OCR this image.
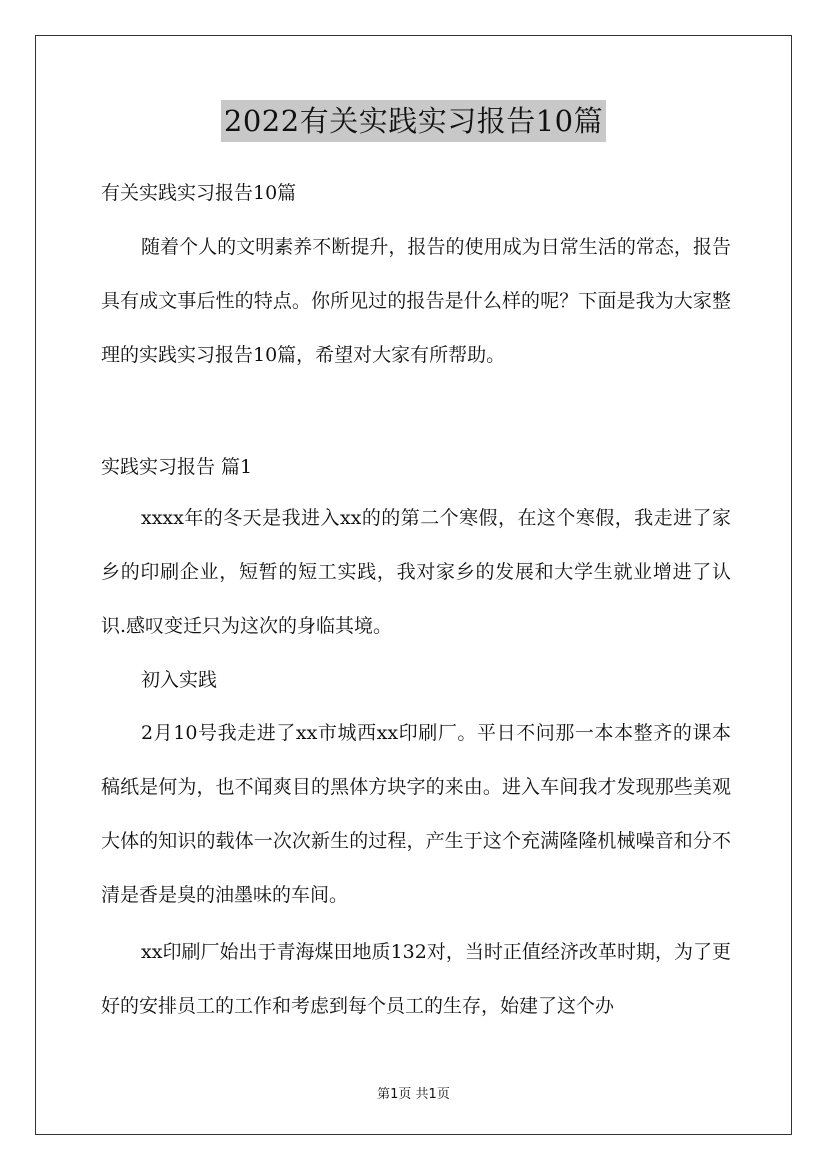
2022有关实践实习报告10篇
有关实践实习报告10篇
随着个人的文明素养不断提升，报告的使用成为日常生活的常态，报告具有成文事后性的特点。你所见过的报告是什么样的呢？下面是我为大家整理的实践实习报告10篇，希望对大家有所帮助。
实践实习报告 篇1
xxxx年的冬天是我进入xx的的第二个寒假，在这个寒假，我走进了家乡的印刷企业，短暂的短工实践，我对家乡的发展和大学生就业增进了认识.感叹变迁只为这次的身临其境。
初入实践
2月10号我走进了xx市城西xx印刷厂。平日不问那一本本整齐的课本稿纸是何为，也不闻爽目的黑体方块字的来由。进入车间我才发现那些美观大体的知识的载体一次次新生的过程，产生于这个充满隆隆机械噪音和分不清是香是臭的油墨味的车间。
xx印刷厂始出于青海煤田地质132对，当时正值经济改革时期，为了更好的安排员工的工作和考虑到每个员工的生存，始建了这个办
第1页 共1页
